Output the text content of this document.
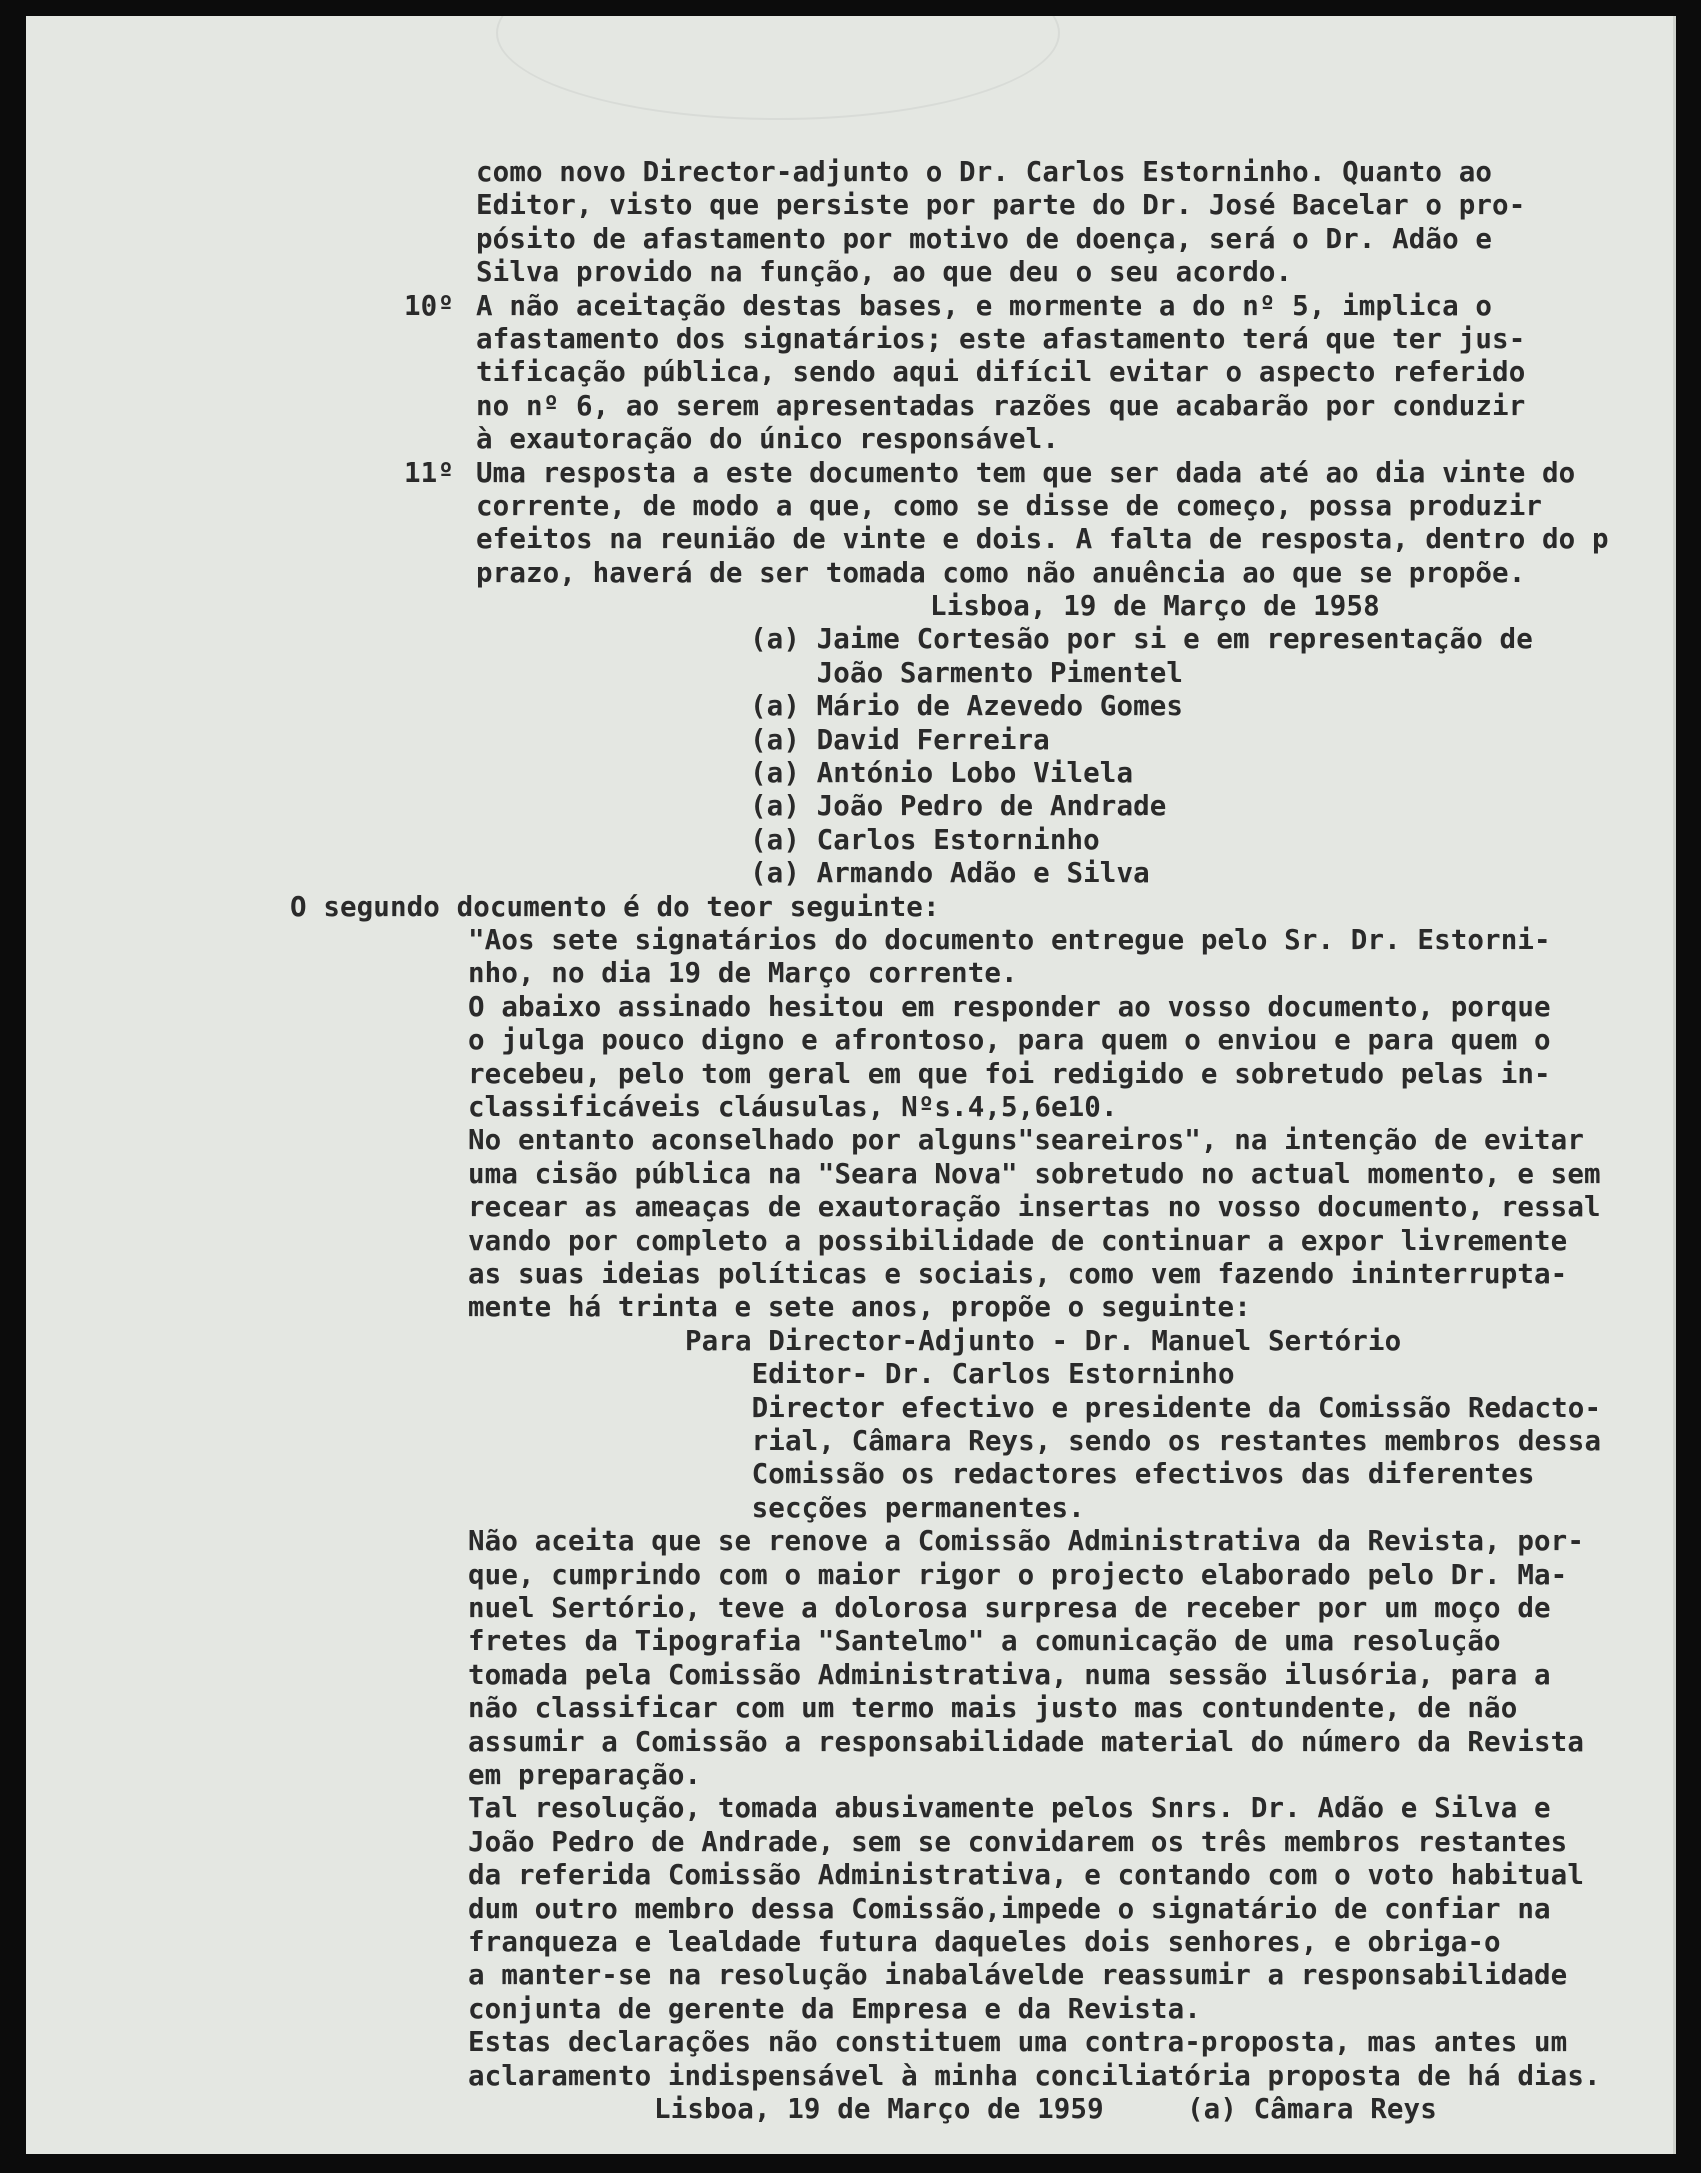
como novo Director-adjunto o Dr. Carlos Estorninho. Quanto ao
Editor, visto que persiste por parte do Dr. José Bacelar o pro-
pósito de afastamento por motivo de doença, será o Dr. Adão e
Silva provido na função, ao que deu o seu acordo.
10º A não aceitação destas bases, e mormente a do nº 5, implica o
afastamento dos signatários; este afastamento terá que ter jus-
tificação pública, sendo aqui difícil evitar o aspecto referido
no nº 6, ao serem apresentadas razões que acabarão por conduzir
à exautoração do único responsável.
11º Uma resposta a este documento tem que ser dada até ao dia vinte do
corrente, de modo a que, como se disse de começo, possa produzir
efeitos na reunião de vinte e dois. A falta de resposta, dentro do p
prazo, haverá de ser tomada como não anuência ao que se propõe.
Lisboa, 19 de Março de 1958
(a) Jaime Cortesão por si e em representação de
João Sarmento Pimentel
(a) Mário de Azevedo Gomes
(a) David Ferreira
(a) António Lobo Vilela
(a) João Pedro de Andrade
(a) Carlos Estorninho
(a) Armando Adão e Silva
O segundo documento é do teor seguinte:
"Aos sete signatários do documento entregue pelo Sr. Dr. Estorni-
nho, no dia 19 de Março corrente.
O abaixo assinado hesitou em responder ao vosso documento, porque
o julga pouco digno e afrontoso, para quem o enviou e para quem o
recebeu, pelo tom geral em que foi redigido e sobretudo pelas in-
classificáveis cláusulas, Nºs.4,5,6e10.
No entanto aconselhado por alguns"seareiros", na intenção de evitar
uma cisão pública na "Seara Nova" sobretudo no actual momento, e sem
recear as ameaças de exautoração insertas no vosso documento, ressal
vando por completo a possibilidade de continuar a expor livremente
as suas ideias políticas e sociais, como vem fazendo ininterrupta-
mente há trinta e sete anos, propõe o seguinte:
Para Director-Adjunto - Dr. Manuel Sertório
Editor- Dr. Carlos Estorninho
Director efectivo e presidente da Comissão Redacto-
rial, Câmara Reys, sendo os restantes membros dessa
Comissão os redactores efectivos das diferentes
secções permanentes.
Não aceita que se renove a Comissão Administrativa da Revista, por-
que, cumprindo com o maior rigor o projecto elaborado pelo Dr. Ma-
nuel Sertório, teve a dolorosa surpresa de receber por um moço de
fretes da Tipografia "Santelmo" a comunicação de uma resolução
tomada pela Comissão Administrativa, numa sessão ilusória, para a
não classificar com um termo mais justo mas contundente, de não
assumir a Comissão a responsabilidade material do número da Revista
em preparação.
Tal resolução, tomada abusivamente pelos Snrs. Dr. Adão e Silva e
João Pedro de Andrade, sem se convidarem os três membros restantes
da referida Comissão Administrativa, e contando com o voto habitual
dum outro membro dessa Comissão,impede o signatário de confiar na
franqueza e lealdade futura daqueles dois senhores, e obriga-o
a manter-se na resolução inabalávelde reassumir a responsabilidade
conjunta de gerente da Empresa e da Revista.
Estas declarações não constituem uma contra-proposta, mas antes um
aclaramento indispensável à minha conciliatória proposta de há dias.
Lisboa, 19 de Março de 1959     (a) Câmara Reys
